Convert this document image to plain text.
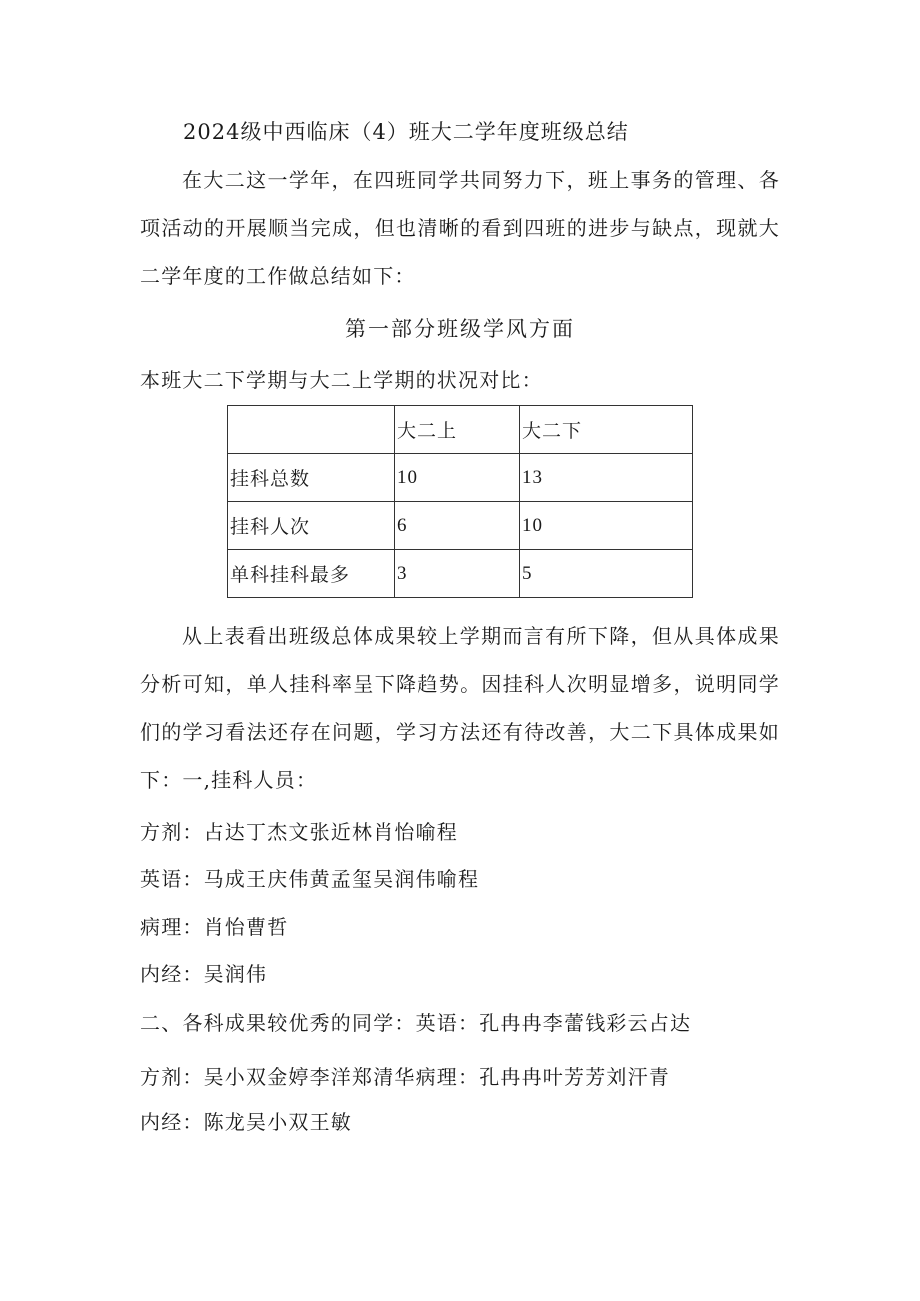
2024级中西临床（4）班大二学年度班级总结

在大二这一学年，在四班同学共同努力下，班上事务的管理、各项活动的开展顺当完成，但也清晰的看到四班的进步与缺点，现就大二学年度的工作做总结如下：

第一部分班级学风方面
本班大二下学期与大二上学期的状况对比：
	大二上	大二下
挂科总数	10	13
挂科人次	6	10
单科挂科最多	3	5

从上表看出班级总体成果较上学期而言有所下降，但从具体成果分析可知，单人挂科率呈下降趋势。因挂科人次明显增多，说明同学们的学习看法还存在问题，学习方法还有待改善，大二下具体成果如下：一,挂科人员：

方剂：占达丁杰文张近林肖怡喻程
英语：马成王庆伟黄孟玺吴润伟喻程
病理：肖怡曹哲
内经：吴润伟
二、各科成果较优秀的同学：英语：孔冉冉李蕾钱彩云占达
方剂：吴小双金婷李洋郑清华病理：孔冉冉叶芳芳刘汗青
内经：陈龙吴小双王敏
